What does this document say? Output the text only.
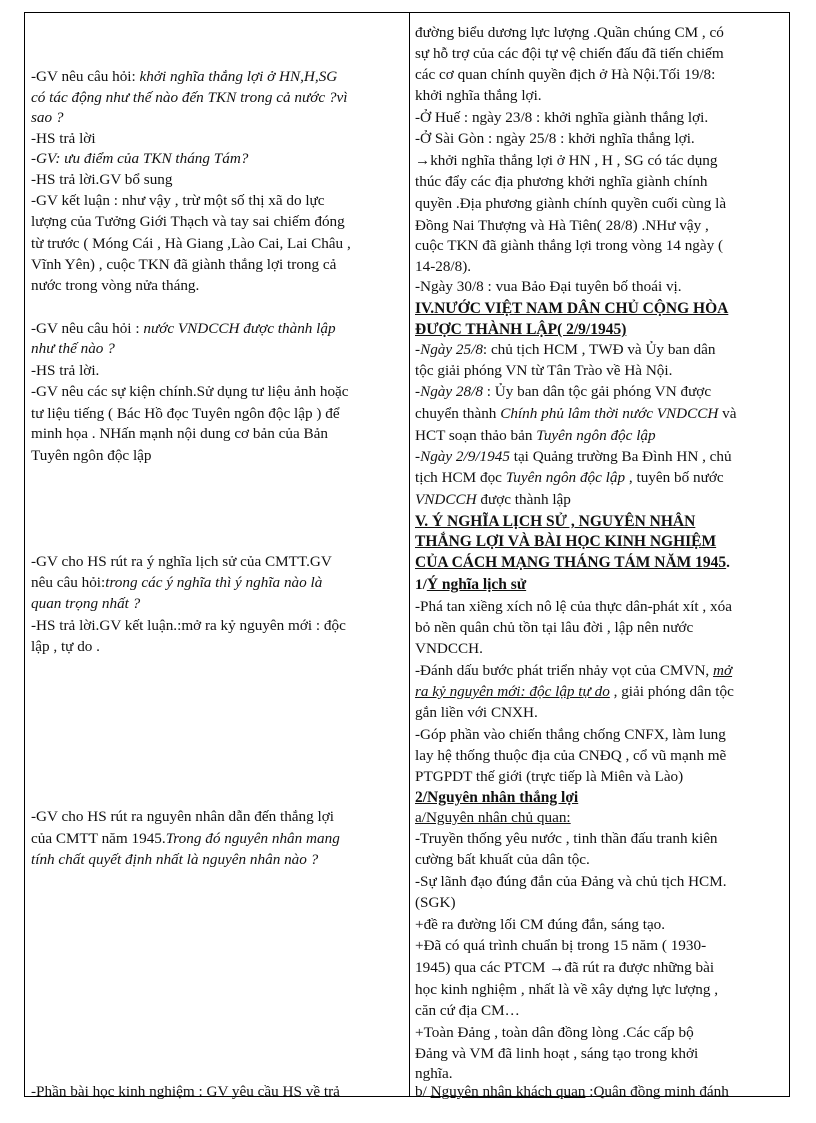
-GV nêu câu hỏi: khởi nghĩa thắng lợi ở HN,H,SG
có tác động như thế nào đến TKN trong cả nước ?vì
sao ?
-HS trả lời
-GV: ưu điểm của TKN tháng Tám?
-HS trả lời.GV bổ sung
-GV kết luận : như vậy , trừ một số thị xã do lực
lượng của Tưởng Giới Thạch và tay sai chiếm đóng
từ trước ( Móng Cái , Hà Giang ,Lào Cai, Lai Châu ,
Vĩnh Yên) , cuộc TKN đã giành thắng lợi trong cả
nước trong vòng nửa tháng.
-GV nêu câu hỏi : nước VNDCCH được thành lập
như thế nào ?
-HS trả lời.
-GV nêu các sự kiện chính.Sử dụng tư liệu ảnh hoặc
tư liệu tiếng ( Bác Hồ đọc Tuyên ngôn độc lập ) để
minh họa . NHấn mạnh nội dung cơ bản của Bản
Tuyên ngôn độc lập
-GV cho HS rút ra ý nghĩa lịch sử của CMTT.GV
nêu câu hỏi:trong các ý nghĩa thì ý nghĩa nào là
quan trọng nhất ?
-HS trả lời.GV kết luận.:mở ra kỷ nguyên mới : độc
lập , tự do .
-GV cho HS rút ra nguyên nhân dẫn đến thắng lợi
của CMTT năm 1945.Trong đó nguyên nhân mang
tính chất quyết định nhất là nguyên nhân nào ?
-Phần bài học kinh nghiệm : GV yêu cầu HS về trả
đường biểu dương lực lượng .Quần chúng CM , có
sự hỗ trợ của các đội tự vệ chiến đấu đã tiến chiếm
các cơ quan chính quyền địch ở Hà Nội.Tối 19/8:
khởi nghĩa thắng lợi.
-Ở Huế : ngày 23/8 : khởi nghĩa giành thắng lợi.
-Ở Sài Gòn : ngày 25/8 : khởi nghĩa thắng lợi.
→khởi nghĩa thắng lợi ở HN , H , SG có tác dụng
thúc đẩy các địa phương khởi nghĩa giành chính
quyền .Địa phương giành chính quyền cuối cùng là
Đồng Nai Thượng và Hà Tiên( 28/8) .NHư vậy ,
cuộc TKN đã giành thắng lợi trong vòng 14 ngày (
14-28/8).
-Ngày 30/8 : vua Bảo Đại tuyên bố thoái vị.
IV.NƯỚC VIỆT NAM DÂN CHỦ CỘNG HÒA
ĐƯỢC THÀNH LẬP( 2/9/1945)
-Ngày 25/8: chủ tịch HCM , TWĐ và Ủy ban dân
tộc giải phóng VN từ Tân Trào về Hà Nội.
-Ngày 28/8 : Ủy ban dân tộc gải phóng VN được
chuyển thành Chính phủ lâm thời nước VNDCCH và
HCT soạn thảo bản Tuyên ngôn độc lập
-Ngày 2/9/1945 tại Quảng trường Ba Đình HN , chủ
tịch HCM đọc Tuyên ngôn độc lập , tuyên bố nước
VNDCCH được thành lập
V. Ý NGHĨA LỊCH SỬ , NGUYÊN NHÂN
THẮNG LỢI VÀ BÀI HỌC KINH NGHIỆM
CỦA CÁCH MẠNG THÁNG TÁM NĂM 1945.
1/Ý nghĩa lịch sử
-Phá tan xiềng xích nô lệ của thực dân-phát xít , xóa
bỏ nền quân chủ tồn tại lâu đời , lập nên nước
VNDCCH.
-Đánh dấu bước phát triển nhảy vọt của CMVN, mở
ra kỷ nguyên mới: độc lập tự do , giải phóng dân tộc
gắn liền với CNXH.
-Góp phần vào chiến thắng chống CNFX, làm lung
lay hệ thống thuộc địa của CNĐQ , cổ vũ mạnh mẽ
PTGPDT thế giới (trực tiếp là Miên và Lào)
2/Nguyên nhân thắng lợi
a/Nguyên nhân chủ quan:
-Truyền thống yêu nước , tinh thần đấu tranh kiên
cường bất khuất của dân tộc.
-Sự lãnh đạo đúng đắn của Đảng và chủ tịch HCM.
(SGK)
+đề ra đường lối CM đúng đắn, sáng tạo.
+Đã có quá trình chuẩn bị trong 15 năm ( 1930-
1945) qua các PTCM →đã rút ra được những bài
học kinh nghiệm , nhất là về xây dựng lực lượng ,
căn cứ địa CM…
+Toàn Đảng , toàn dân đồng lòng .Các cấp bộ
Đảng và VM đã linh hoạt , sáng tạo trong khởi
nghĩa.
b/ Nguyên nhân khách quan :Quân đồng minh đánh
